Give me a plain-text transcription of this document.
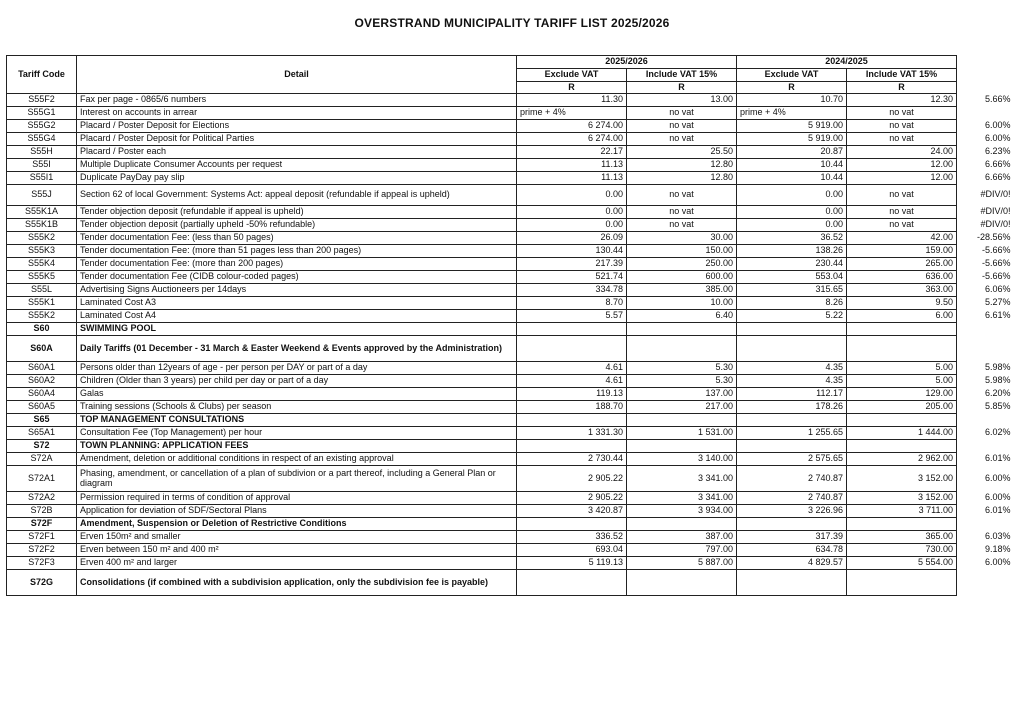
OVERSTRAND MUNICIPALITY TARIFF LIST 2025/2026
Tariff Code	Detail	2025/2026		2024/2025		
		Exclude VAT	Include VAT 15%	Exclude VAT	Include VAT 15%	
		R	R	R	R	
S55F2	Fax per page - 0865/6 numbers	11.30	13.00	10.70	12.30	5.66%
S55G1	Interest on accounts in arrear	prime + 4%	no vat	prime + 4%	no vat	
S55G2	Placard / Poster Deposit for Elections	6 274.00	no vat	5 919.00	no vat	6.00%
S55G4	Placard / Poster Deposit for Political Parties	6 274.00	no vat	5 919.00	no vat	6.00%
S55H	Placard / Poster each	22.17	25.50	20.87	24.00	6.23%
S55I	Multiple Duplicate Consumer Accounts per request	11.13	12.80	10.44	12.00	6.66%
S55I1	Duplicate PayDay pay slip	11.13	12.80	10.44	12.00	6.66%
S55J	Section 62 of local Government: Systems Act: appeal deposit (refundable if appeal is upheld)	0.00	no vat	0.00	no vat	#DIV/0!
S55K1A	Tender objection deposit (refundable if appeal is upheld)	0.00	no vat	0.00	no vat	#DIV/0!
S55K1B	Tender objection deposit (partially upheld -50% refundable)	0.00	no vat	0.00	no vat	#DIV/0!
S55K2	Tender documentation Fee: (less than 50 pages)	26.09	30.00	36.52	42.00	-28.56%
S55K3	Tender documentation Fee: (more than 51 pages less than 200 pages)	130.44	150.00	138.26	159.00	-5.66%
S55K4	Tender documentation Fee: (more than 200 pages)	217.39	250.00	230.44	265.00	-5.66%
S55K5	Tender documentation Fee (CIDB colour-coded pages)	521.74	600.00	553.04	636.00	-5.66%
S55L	Advertising Signs Auctioneers per 14days	334.78	385.00	315.65	363.00	6.06%
S55K1	Laminated Cost A3	8.70	10.00	8.26	9.50	5.27%
S55K2	Laminated Cost A4	5.57	6.40	5.22	6.00	6.61%
S60	SWIMMING POOL					
S60A	Daily Tariffs (01 December - 31 March & Easter Weekend & Events approved by the Administration)					
S60A1	Persons older than 12years of age - per person per DAY or part of a day	4.61	5.30	4.35	5.00	5.98%
S60A2	Children (Older than 3 years) per child per day or part of a day	4.61	5.30	4.35	5.00	5.98%
S60A4	Galas	119.13	137.00	112.17	129.00	6.20%
S60A5	Training sessions (Schools & Clubs) per season	188.70	217.00	178.26	205.00	5.85%
S65	TOP MANAGEMENT CONSULTATIONS					
S65A1	Consultation Fee (Top Management) per hour	1 331.30	1 531.00	1 255.65	1 444.00	6.02%
S72	TOWN PLANNING: APPLICATION FEES					
S72A	Amendment, deletion or additional conditions in respect of an existing approval	2 730.44	3 140.00	2 575.65	2 962.00	6.01%
S72A1	Phasing, amendment, or cancellation of a plan of subdivion or a part thereof, including a General Plan or diagram	2 905.22	3 341.00	2 740.87	3 152.00	6.00%
S72A2	Permission required in terms of condition of approval	2 905.22	3 341.00	2 740.87	3 152.00	6.00%
S72B	Application for deviation of SDF/Sectoral Plans	3 420.87	3 934.00	3 226.96	3 711.00	6.01%
S72F	Amendment, Suspension or Deletion of Restrictive Conditions					
S72F1	Erven 150m² and smaller	336.52	387.00	317.39	365.00	6.03%
S72F2	Erven between 150 m² and 400 m²	693.04	797.00	634.78	730.00	9.18%
S72F3	Erven 400 m² and larger	5 119.13	5 887.00	4 829.57	5 554.00	6.00%
S72G	Consolidations (if combined with a subdivision application, only the subdivision fee is payable)					
